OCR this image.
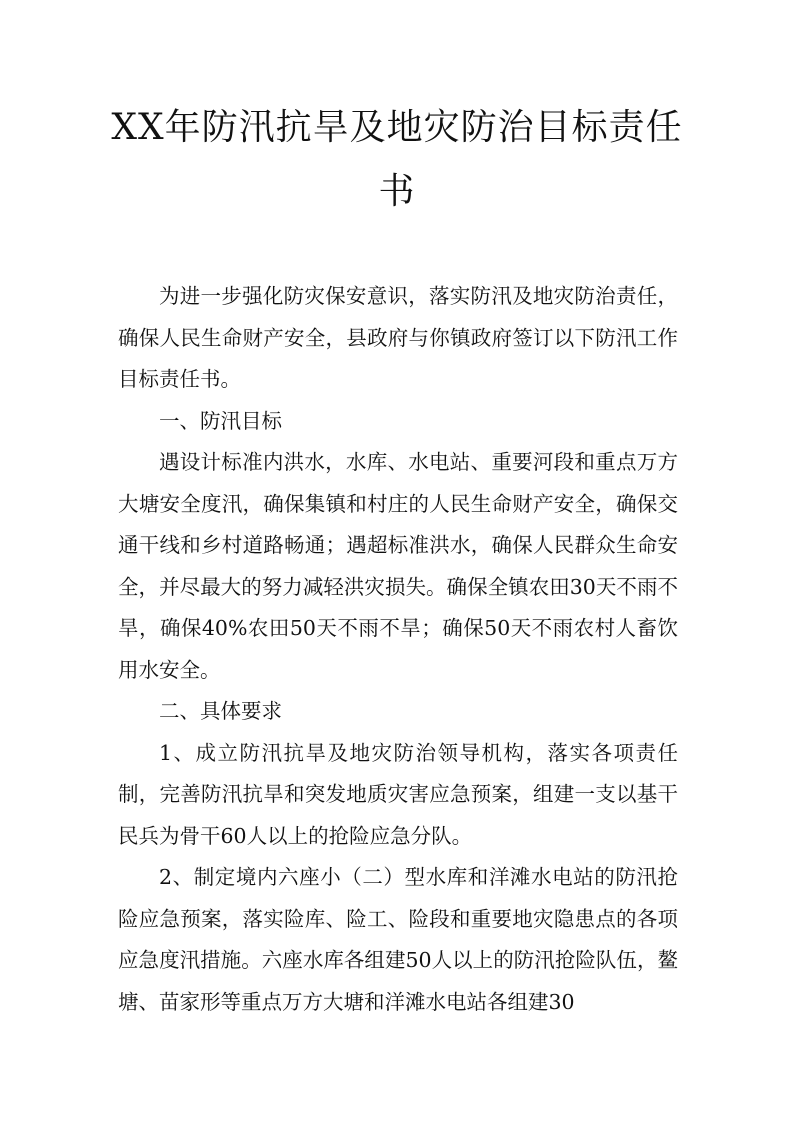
XX年防汛抗旱及地灾防治目标责任书

为进一步强化防灾保安意识，落实防汛及地灾防治责任，确保人民生命财产安全，县政府与你镇政府签订以下防汛工作目标责任书。

一、防汛目标

遇设计标准内洪水，水库、水电站、重要河段和重点万方大塘安全度汛，确保集镇和村庄的人民生命财产安全，确保交通干线和乡村道路畅通；遇超标准洪水，确保人民群众生命安全，并尽最大的努力减轻洪灾损失。确保全镇农田30天不雨不旱，确保40%农田50天不雨不旱；确保50天不雨农村人畜饮用水安全。

二、具体要求

1、成立防汛抗旱及地灾防治领导机构，落实各项责任制，完善防汛抗旱和突发地质灾害应急预案，组建一支以基干民兵为骨干60人以上的抢险应急分队。

2、制定境内六座小（二）型水库和洋滩水电站的防汛抢险应急预案，落实险库、险工、险段和重要地灾隐患点的各项应急度汛措施。六座水库各组建50人以上的防汛抢险队伍，鳌塘、苗家形等重点万方大塘和洋滩水电站各组建30
